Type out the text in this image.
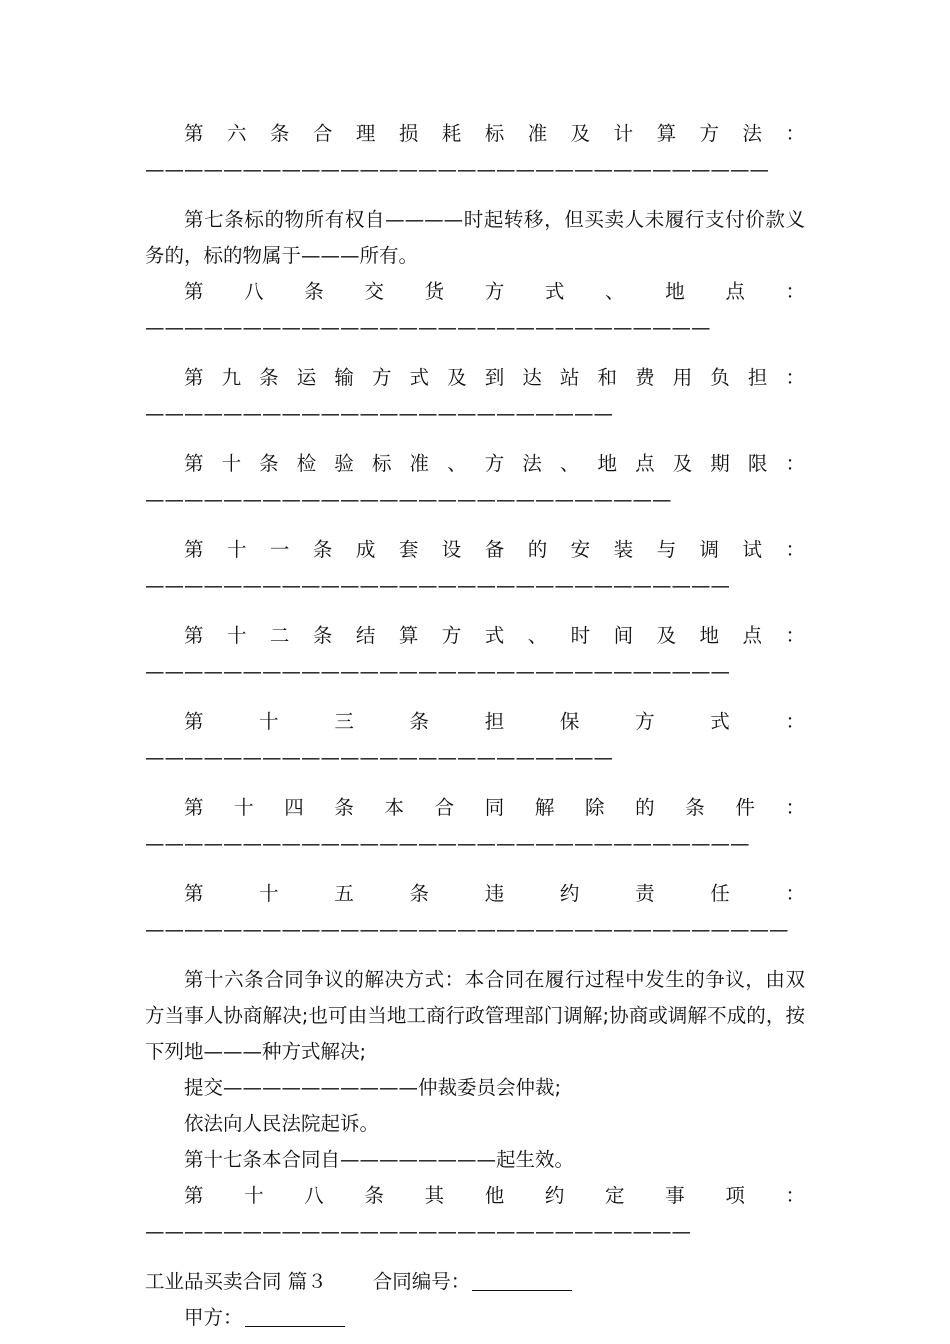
第六条合理损耗标准及计算方法：————————————————————————————————

第七条标的物所有权自————时起转移，但买卖人未履行支付价款义务的，标的物属于———所有。

第八条交货方式、地点：—————————————————————————————

第九条运输方式及到达站和费用负担：————————————————————————

第十条检验标准、方法、地点及期限：———————————————————————————

第十一条成套设备的安装与调试：——————————————————————————————

第十二条结算方式、时间及地点：——————————————————————————————

第十三条担保方式：————————————————————————

第十四条本合同解除的条件：———————————————————————————————

第十五条违约责任：—————————————————————————————————

第十六条合同争议的解决方式：本合同在履行过程中发生的争议，由双方当事人协商解决;也可由当地工商行政管理部门调解;协商或调解不成的，按下列地———种方式解决;

提交——————————仲裁委员会仲裁;

依法向人民法院起诉。

第十七条本合同自————————起生效。

第十八条其他约定事项：————————————————————————————

工业品买卖合同 篇３ 合同编号：

甲方：
